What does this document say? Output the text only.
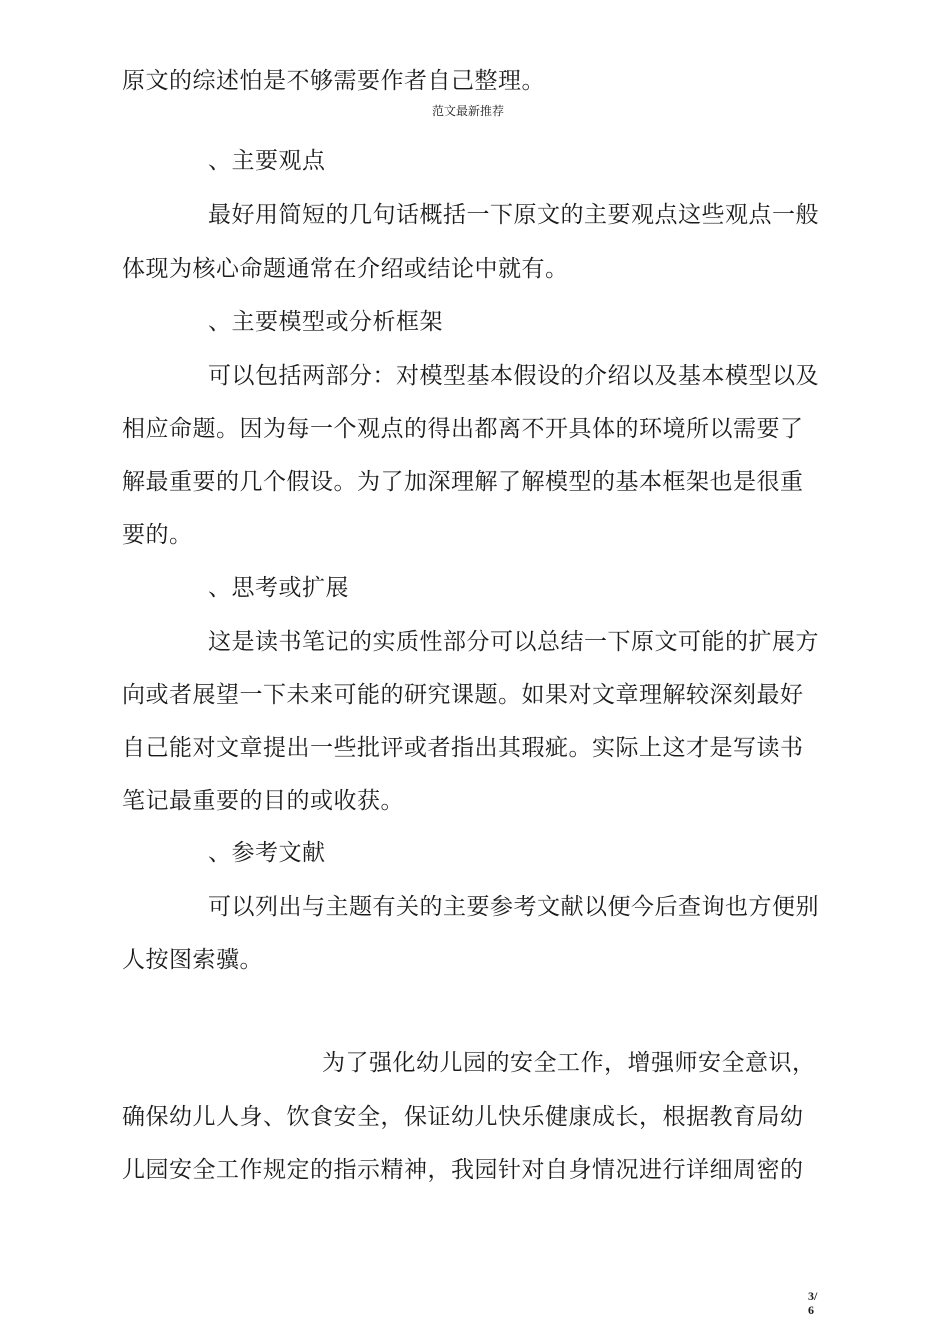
原文的综述怕是不够需要作者自己整理。
范文最新推荐
、主要观点
最好用简短的几句话概括一下原文的主要观点这些观点一般
体现为核心命题通常在介绍或结论中就有。
、主要模型或分析框架
可以包括两部分：对模型基本假设的介绍以及基本模型以及
相应命题。因为每一个观点的得出都离不开具体的环境所以需要了
解最重要的几个假设。为了加深理解了解模型的基本框架也是很重
要的。
、思考或扩展
这是读书笔记的实质性部分可以总结一下原文可能的扩展方
向或者展望一下未来可能的研究课题。如果对文章理解较深刻最好
自己能对文章提出一些批评或者指出其瑕疵。实际上这才是写读书
笔记最重要的目的或收获。
、参考文献
可以列出与主题有关的主要参考文献以便今后查询也方便别
人按图索骥。
为了强化幼儿园的安全工作，增强师安全意识，
确保幼儿人身、饮食安全，保证幼儿快乐健康成长，根据教育局幼
儿园安全工作规定的指示精神，我园针对自身情况进行详细周密的
3/
6
